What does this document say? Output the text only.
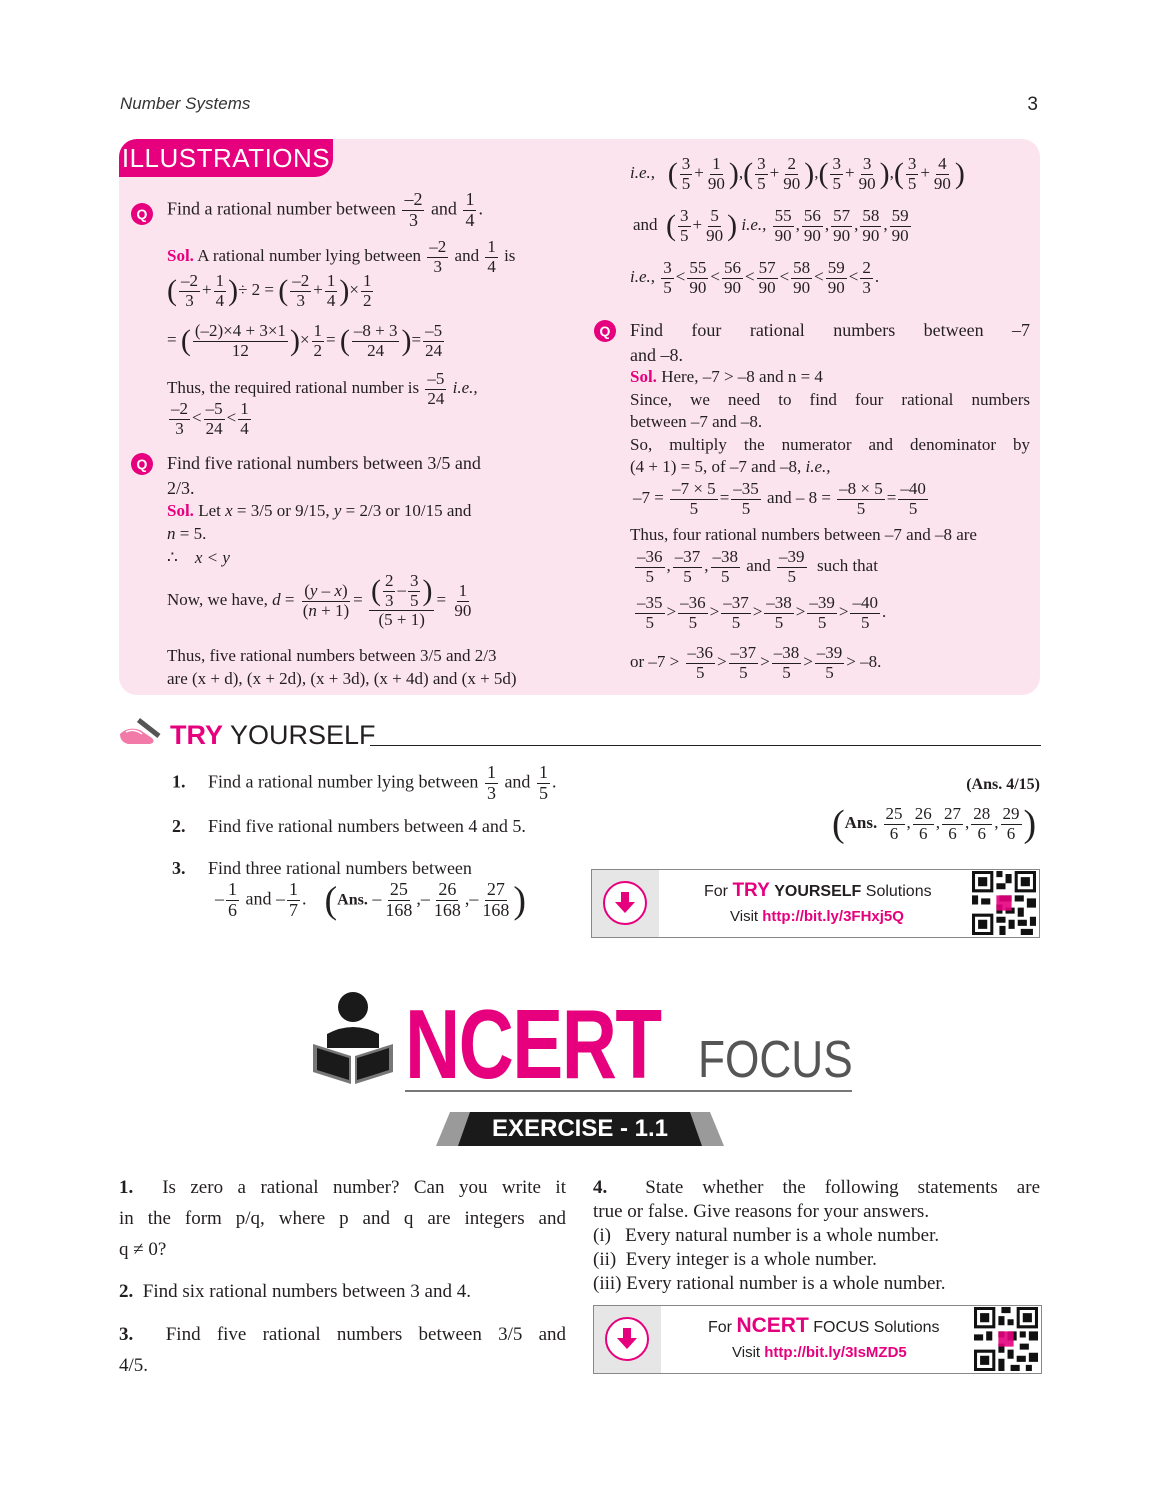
Number Systems	3
ILLUSTRATIONS
Q	Find a rational number between $\frac{-2}{3}$ and $\frac{1}{4}$ .
Sol. A rational number lying between $\frac{-2}{3}$ and $\frac{1}{4}$ is
( $\frac{-2}{3} + \frac{1}{4}$ )÷ 2 = ( $\frac{-2}{3} + \frac{1}{4}$ )× $\frac{1}{2}$
= ( $\frac{(-2)\times 4 + 3\times 1}{12}$ )× $\frac{1}{2}$ = ( $\frac{-8 + 3}{24}$ )= $\frac{-5}{24}$
Thus, the required rational number is $\frac{-5}{24} i.e$.,
$\frac{-2}{3} < \frac{-5}{24} < \frac{1}{4}$
Q	Find five rational numbers between 3/5 and
2/3.
Sol. Let x = 3/5 or 9/15, y = 2/3 or 10/15 and
n = 5.
∴ x < y
Now, we have, $d = \frac{(y - x)}{(n + 1)} = \frac{( \frac{2}{3} - \frac{3}{5} )}{(5 + 1)} = \frac{1}{90}$
Thus, five rational numbers between 3/5 and 2/3
are (x + d), (x + 2d), (x + 3d), (x + 4d) and (x + 5d)
i.e., ( $\frac{3}{5} + \frac{1}{90}$ ),( $\frac{3}{5} + \frac{2}{90}$ ),( $\frac{3}{5} + \frac{3}{90}$ ),( $\frac{3}{5} + \frac{4}{90}$ )
and ( $\frac{3}{5} + \frac{5}{90}$ ) i.e., $\frac{55}{90}$ , $\frac{56}{90}$ , $\frac{57}{90}$ , $\frac{58}{90}$ , $\frac{59}{90}$
i.e., $\frac{3}{5} < \frac{55}{90} < \frac{56}{90} < \frac{57}{90} < \frac{58}{90} < \frac{59}{90} < \frac{2}{3}$ .
Q	Find four rational numbers between –7
and –8.
Sol. Here, –7 > –8 and n = 4
Since, we need to find four rational numbers
between –7 and –8.
So, multiply the numerator and denominator by
(4 + 1) = 5, of –7 and –8, i.e.,
$-7 = \frac{-7 \times 5}{5} = \frac{-35}{5}$ and – $8 = \frac{-8 \times 5}{5} = \frac{-40}{5}$
Thus, four rational numbers between –7 and –8 are
$\frac{-36}{5}$ , $\frac{-37}{5}$ , $\frac{-38}{5}$ and $\frac{-39}{5}$ such that
$\frac{-35}{5} > \frac{-36}{5} > \frac{-37}{5} > \frac{-38}{5} > \frac{-39}{5} > \frac{-40}{5}$ .
or $-7 > \frac{-36}{5} > \frac{-37}{5} > \frac{-38}{5} > \frac{-39}{5} > -8$.
TRY YOURSELF
1. Find a rational number lying between $\frac{1}{3}$ and $\frac{1}{5}$ .	(Ans. 4/15)
2. Find five rational numbers between 4 and 5.	(Ans. $\frac{25}{6}$ , $\frac{26}{6}$ , $\frac{27}{6}$ , $\frac{28}{6}$ , $\frac{29}{6}$ )
3. Find three rational numbers between
– $\frac{1}{6}$ and – $\frac{1}{7}$ .    (Ans. – $\frac{25}{168}$ ,– $\frac{26}{168}$ ,– $\frac{27}{168}$ )	For TRY YOURSELF Solutions
Visit http://bit.ly/3FHxj5Q
NCERT FOCUS
EXERCISE - 1.1
1. Is zero a rational number? Can you write it
in the form p/q, where p and q are integers and
q ≠ 0?
2. Find six rational numbers between 3 and 4.
3. Find five rational numbers between 3/5 and
4/5.
4. State whether the following statements are
true or false. Give reasons for your answers.
(i)   Every natural number is a whole number.
(ii)  Every integer is a whole number.
(iii) Every rational number is a whole number.
For NCERT FOCUS Solutions
Visit http://bit.ly/3IsMZD5
